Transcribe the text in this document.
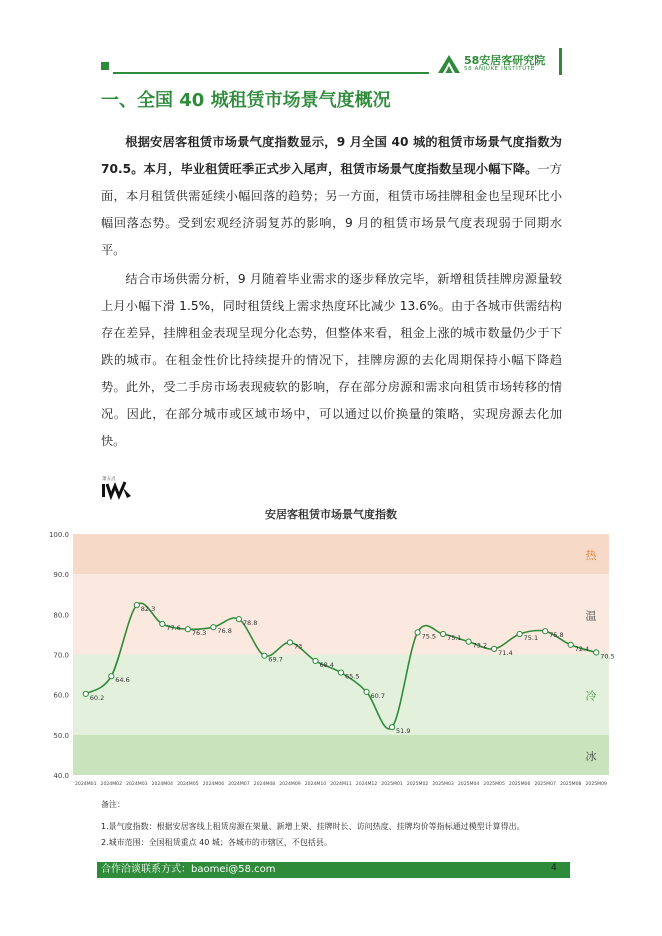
58安居客研究院
58 ANJUKE INSTITUTE
一、全国 40 城租赁市场景气度概况

根据安居客租赁市场景气度指数显示，9 月全国 40 城的租赁市场景气度指数为70.5。本月，毕业租赁旺季正式步入尾声，租赁市场景气度指数呈现小幅下降。一方面，本月租赁供需延续小幅回落的趋势；另一方面，租赁市场挂牌租金也呈现环比小幅回落态势。受到宏观经济弱复苏的影响，9 月的租赁市场景气度表现弱于同期水平。

结合市场供需分析，9 月随着毕业需求的逐步释放完毕，新增租赁挂牌房源量较上月小幅下滑 1.5%，同时租赁线上需求热度环比减少 13.6%。由于各城市供需结构存在差异，挂牌租金表现呈现分化态势，但整体来看，租金上涨的城市数量仍少于下跌的城市。在租金性价比持续提升的情况下，挂牌房源的去化周期保持小幅下降趋势。此外，受二手房市场表现疲软的影响，存在部分房源和需求向租赁市场转移的情况。因此，在部分城市或区域市场中，可以通过以价换量的策略，实现房源去化加快。

萧五点
安居客租赁市场景气度指数
热
温
冷
冰
40.0
50.0
60.0
70.0
80.0
90.0
100.0
2024M01 2024M02 2024M03 2024M04 2024M05 2024M06 2024M07 2024M08 2024M09 2024M10 2024M11 2024M12 2025M01 2025M02 2025M03 2025M04 2025M05 2025M06 2025M07 2025M08 2025M09
60.2
64.6
82.3
77.6
76.3 76.8
78.8
69.7
73
68.4
65.5
60.7
51.9
75.5 75.1
73.2
71.4
75.1 75.8
72.4
70.5
备注：
1.景气度指数：根据安居客线上租赁房源在架量、新增上架、挂牌时长、访问热度、挂牌均价等指标通过模型计算得出。
2.城市范围：全国租赁重点 40 城；各城市的市辖区，不包括县。
合作洽谈联系方式：baomei@58.com	4
